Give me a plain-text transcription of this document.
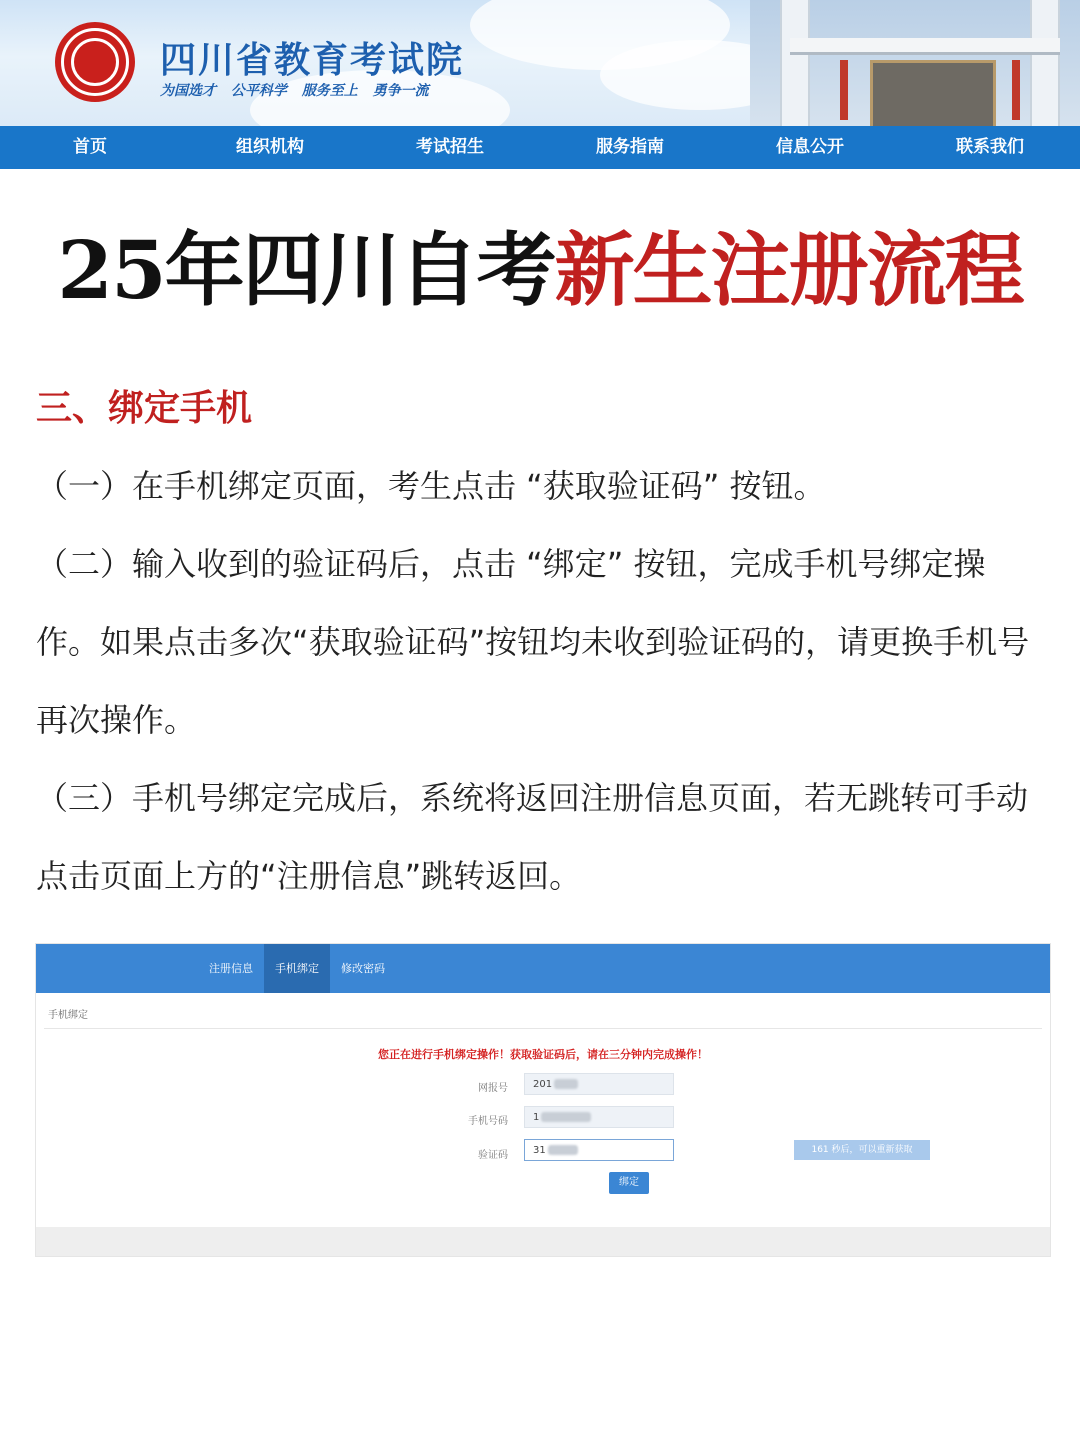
四川省教育考试院
为国选才 公平科学 服务至上 勇争一流
首页	组织机构	考试招生	服务指南	信息公开	联系我们
25年四川自考新生注册流程
三、绑定手机

（一）在手机绑定页面，考生点击 “获取验证码” 按钮。

（二）输入收到的验证码后，点击 “绑定” 按钮，完成手机号绑定操作。如果点击多次“获取验证码”按钮均未收到验证码的，请更换手机号再次操作。

（三）手机号绑定完成后，系统将返回注册信息页面，若无跳转可手动点击页面上方的“注册信息”跳转返回。

注册信息	手机绑定	修改密码
手机绑定
您正在进行手机绑定操作！获取验证码后，请在三分钟内完成操作！
网报号	201
手机号码	1
验证码	31	161 秒后，可以重新获取
绑定
